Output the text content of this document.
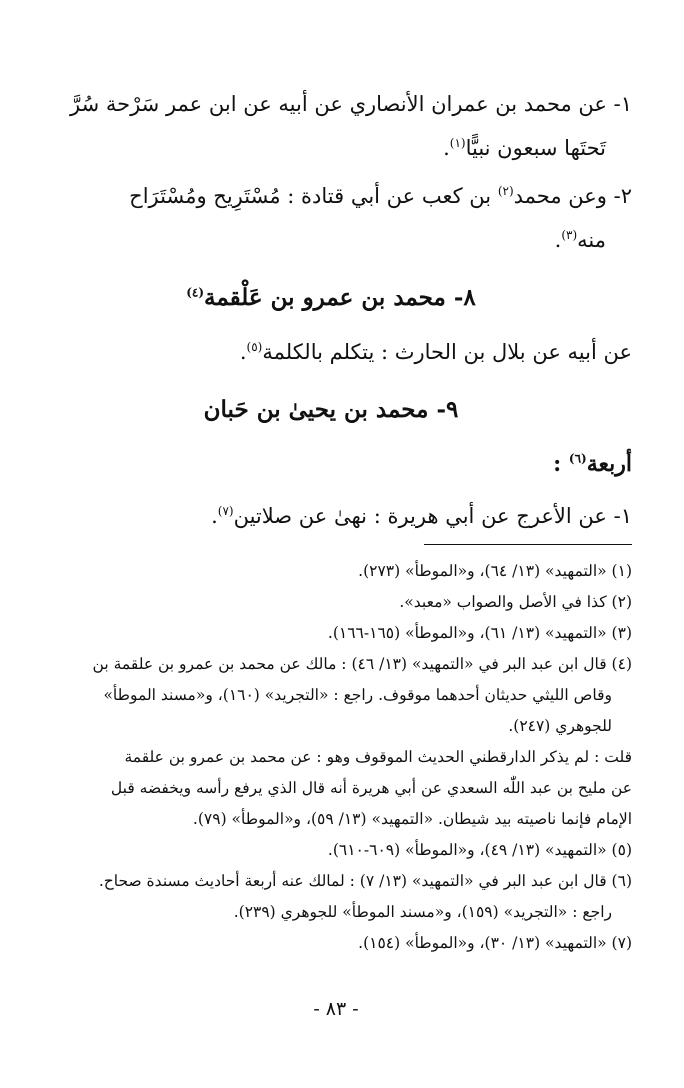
١- عن محمد بن عمران الأنصاري عن أبيه عن ابن عمر سَرْحة سُرَّ
تَحتَها سبعون نبيًّا$^{(١)}$.

٢- وعن محمد$^{(٢)}$ بن كعب عن أبي قتادة : مُسْتَرِيح ومُسْتَرَاح
منه$^{(٣)}$.

٨- محمد بن عمرو بن عَلْقمة$^{(٤)}$

عن أبيه عن بلال بن الحارث : يتكلم بالكلمة$^{(٥)}$.

٩- محمد بن يحيىٰ بن حَبان

أربعة$^{(٦)}$ :

١- عن الأعرج عن أبي هريرة : نهىٰ عن صلاتين$^{(٧)}$.

(١) «التمهيد» (١٣/ ٦٤)، و«الموطأ» (٢٧٣).

(٢) كذا في الأصل والصواب «معبد».

(٣) «التمهيد» (١٣/ ٦١)، و«الموطأ» (١٦٥-١٦٦).

(٤) قال ابن عبد البر في «التمهيد» (١٣/ ٤٦) : مالك عن محمد بن عمرو بن علقمة بن

وقاص الليثي حديثان أحدهما موقوف. راجع : «التجريد» (١٦٠)، و«مسند الموطأ»

للجوهري (٢٤٧).

قلت : لم يذكر الدارقطني الحديث الموقوف وهو : عن محمد بن عمرو بن علقمة

عن مليح بن عبد اللّٰه السعدي عن أبي هريرة أنه قال الذي يرفع رأسه ويخفضه قبل

الإمام فإنما ناصيته بيد شيطان. «التمهيد» (١٣/ ٥٩)، و«الموطأ» (٧٩).

(٥) «التمهيد» (١٣/ ٤٩)، و«الموطأ» (٦٠٩-٦١٠).

(٦) قال ابن عبد البر في «التمهيد» (١٣/ ٧) : لمالك عنه أربعة أحاديث مسندة صحاح.

راجع : «التجريد» (١٥٩)، و«مسند الموطأ» للجوهري (٢٣٩).

(٧) «التمهيد» (١٣/ ٣٠)، و«الموطأ» (١٥٤).

- ٨٣ -
